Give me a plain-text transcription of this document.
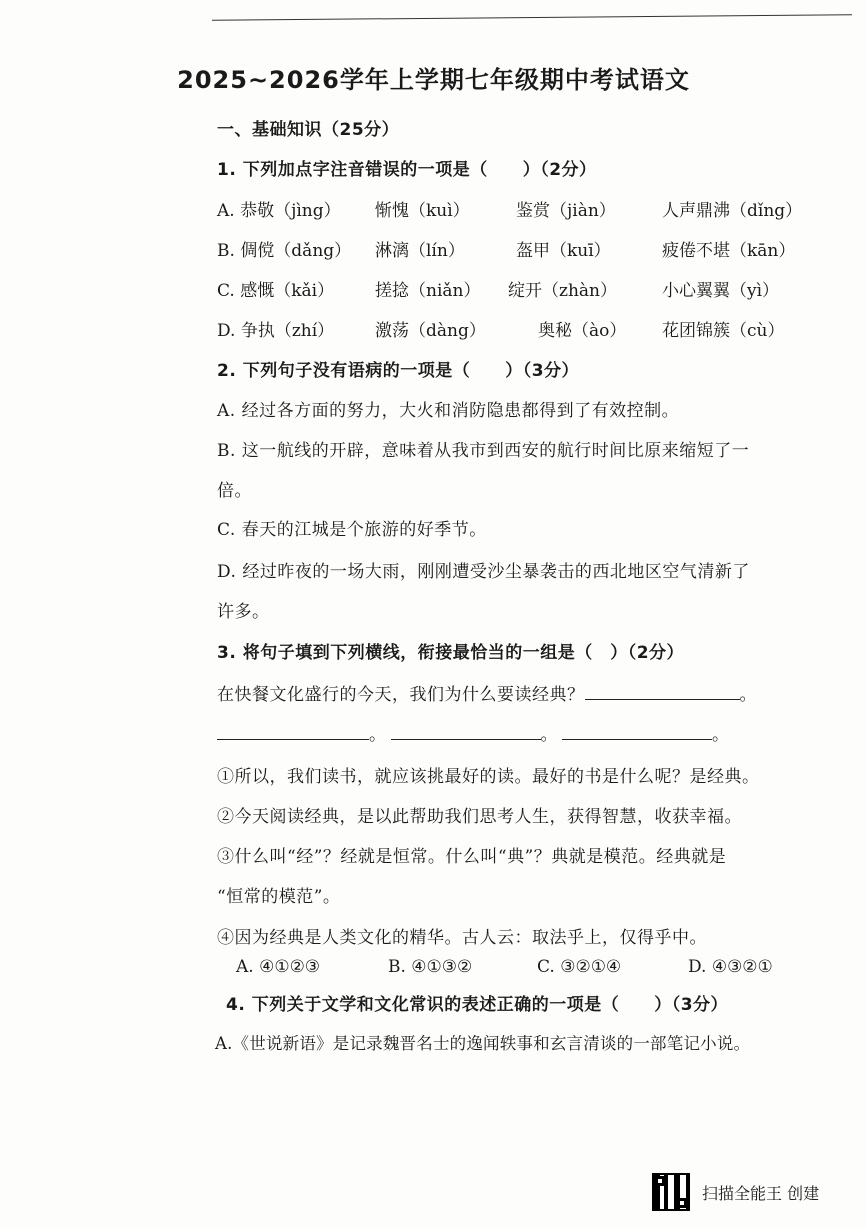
2025~2026学年上学期七年级期中考试语文
一、基础知识（25分）
1. 下列加点字注音错误的一项是（　　）（2分）
A. 恭敬（jìng） 惭愧（kuì）	鉴赏（jiàn）	人声鼎沸（dǐng）
B. 倜傥（dǎng） 淋漓（lín）	盔甲（kuī）	疲倦不堪（kān）
C. 感慨（kǎi） 搓捻（niǎn） 绽开（zhàn）	小心翼翼（yì）
D. 争执（zhí） 激荡（dàng）	奥秘（ào） 花团锦簇（cù）
2. 下列句子没有语病的一项是（　　）（3分）
A. 经过各方面的努力，大火和消防隐患都得到了有效控制。
B. 这一航线的开辟，意味着从我市到西安的航行时间比原来缩短了一
倍。
C. 春天的江城是个旅游的好季节。
D. 经过昨夜的一场大雨，刚刚遭受沙尘暴袭击的西北地区空气清新了
许多。
3. 将句子填到下列横线，衔接最恰当的一组是（　）（2分）
在快餐文化盛行的今天，我们为什么要读经典？	。
。	。	。
①所以，我们读书，就应该挑最好的读。最好的书是什么呢？是经典。
②今天阅读经典，是以此帮助我们思考人生，获得智慧，收获幸福。
③什么叫“经”？经就是恒常。什么叫“典”？典就是模范。经典就是
“恒常的模范”。
④因为经典是人类文化的精华。古人云：取法乎上，仅得乎中。
A. ④①②③	B. ④①③②	C. ③②①④	D. ④③②①
4. 下列关于文学和文化常识的表述正确的一项是（　　）（3分）
A.《世说新语》是记录魏晋名士的逸闻轶事和玄言清谈的一部笔记小说。
扫描全能王 创建
